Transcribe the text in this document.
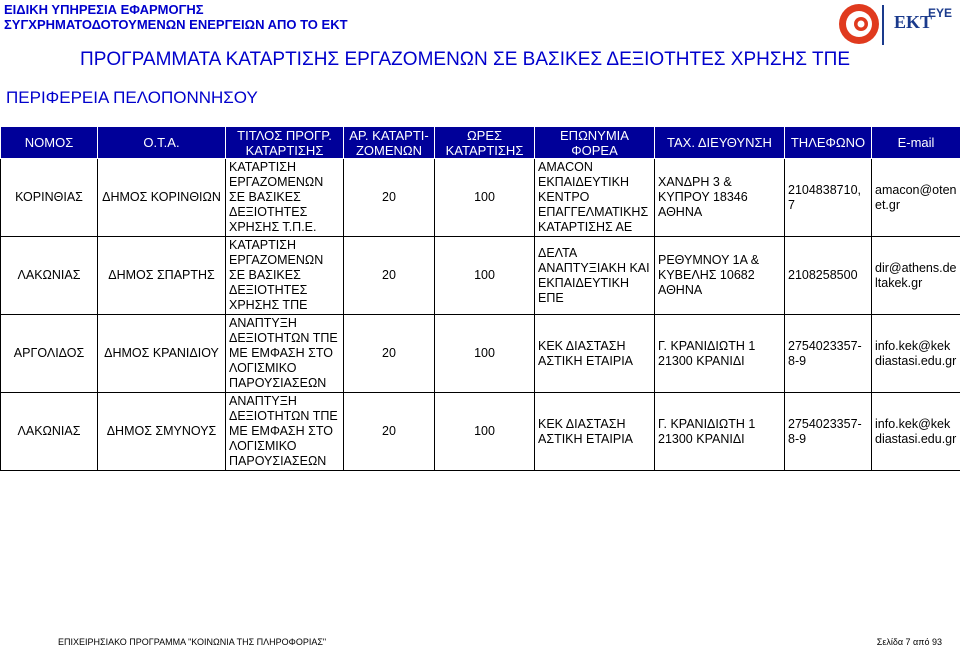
ΕΙΔΙΚΗ ΥΠΗΡΕΣΙΑ ΕΦΑΡΜΟΓΗΣ
ΣΥΓΧΡΗΜΑΤΟΔΟΤΟΥΜΕΝΩΝ ΕΝΕΡΓΕΙΩΝ ΑΠΟ ΤΟ ΕΚΤ	ΕΚΤ
ΕΥΕ
ΠΡΟΓΡΑΜΜΑΤΑ ΚΑΤΑΡΤΙΣΗΣ ΕΡΓΑΖΟΜΕΝΩΝ ΣΕ ΒΑΣΙΚΕΣ ΔΕΞΙΟΤΗΤΕΣ ΧΡΗΣΗΣ ΤΠΕ
ΠΕΡΙΦΕΡΕΙΑ ΠΕΛΟΠΟΝΝΗΣΟΥ
ΝΟΜΟΣ	Ο.Τ.Α.	ΤΙΤΛΟΣ ΠΡΟΓΡ. ΚΑΤΑΡΤΙΣΗΣ	ΑΡ. ΚΑΤΑΡΤΙ-ΖΟΜΕΝΩΝ	ΩΡΕΣ ΚΑΤΑΡΤΙΣΗΣ	ΕΠΩΝΥΜΙΑ ΦΟΡΕΑ	ΤΑΧ. ΔΙΕΥΘΥΝΣΗ	ΤΗΛΕΦΩΝΟ	E-mail
ΚΟΡΙΝΘΙΑΣ	ΔΗΜΟΣ ΚΟΡΙΝΘΙΩΝ	ΚΑΤΑΡΤΙΣΗ ΕΡΓΑΖΟΜΕΝΩΝ ΣΕ ΒΑΣΙΚΕΣ ΔΕΞΙΟΤΗΤΕΣ ΧΡΗΣΗΣ Τ.Π.Ε.	20	100	AMACON ΕΚΠΑΙΔΕΥΤΙΚΗ ΚΕΝΤΡΟ ΕΠΑΓΓΕΛΜΑΤΙΚΗΣ ΚΑΤΑΡΤΙΣΗΣ ΑΕ	ΧΑΝΔΡΗ 3 & ΚΥΠΡΟΥ 18346 ΑΘΗΝΑ	2104838710, 7	amacon@otenet.gr
ΛΑΚΩΝΙΑΣ	ΔΗΜΟΣ ΣΠΑΡΤΗΣ	ΚΑΤΑΡΤΙΣΗ ΕΡΓΑΖΟΜΕΝΩΝ ΣΕ ΒΑΣΙΚΕΣ ΔΕΞΙΟΤΗΤΕΣ ΧΡΗΣΗΣ ΤΠΕ	20	100	ΔΕΛΤΑ ΑΝΑΠΤΥΞΙΑΚΗ ΚΑΙ ΕΚΠΑΙΔΕΥΤΙΚΗ ΕΠΕ	ΡΕΘΥΜΝΟΥ 1Α & ΚΥΒΕΛΗΣ 10682 ΑΘΗΝΑ	2108258500	dir@athens.deltakek.gr
ΑΡΓΟΛΙΔΟΣ	ΔΗΜΟΣ ΚΡΑΝΙΔΙΟΥ	ΑΝΑΠΤΥΞΗ ΔΕΞΙΟΤΗΤΩΝ ΤΠΕ ΜΕ ΕΜΦΑΣΗ ΣΤΟ ΛΟΓΙΣΜΙΚΟ ΠΑΡΟΥΣΙΑΣΕΩΝ	20	100	ΚΕΚ ΔΙΑΣΤΑΣΗ ΑΣΤΙΚΗ ΕΤΑΙΡΙΑ	Γ. ΚΡΑΝΙΔΙΩΤΗ 1 21300 ΚΡΑΝΙΔΙ	2754023357-8-9	info.kek@kekdiastasi.edu.gr
ΛΑΚΩΝΙΑΣ	ΔΗΜΟΣ ΣΜΥΝΟΥΣ	ΑΝΑΠΤΥΞΗ ΔΕΞΙΟΤΗΤΩΝ ΤΠΕ ΜΕ ΕΜΦΑΣΗ ΣΤΟ ΛΟΓΙΣΜΙΚΟ ΠΑΡΟΥΣΙΑΣΕΩΝ	20	100	ΚΕΚ ΔΙΑΣΤΑΣΗ ΑΣΤΙΚΗ ΕΤΑΙΡΙΑ	Γ. ΚΡΑΝΙΔΙΩΤΗ 1 21300 ΚΡΑΝΙΔΙ	2754023357-8-9	info.kek@kekdiastasi.edu.gr
ΕΠΙΧΕΙΡΗΣΙΑΚΟ ΠΡΟΓΡΑΜΜΑ "ΚΟΙΝΩΝΙΑ ΤΗΣ ΠΛΗΡΟΦΟΡΙΑΣ"	Σελίδα 7 από 93
